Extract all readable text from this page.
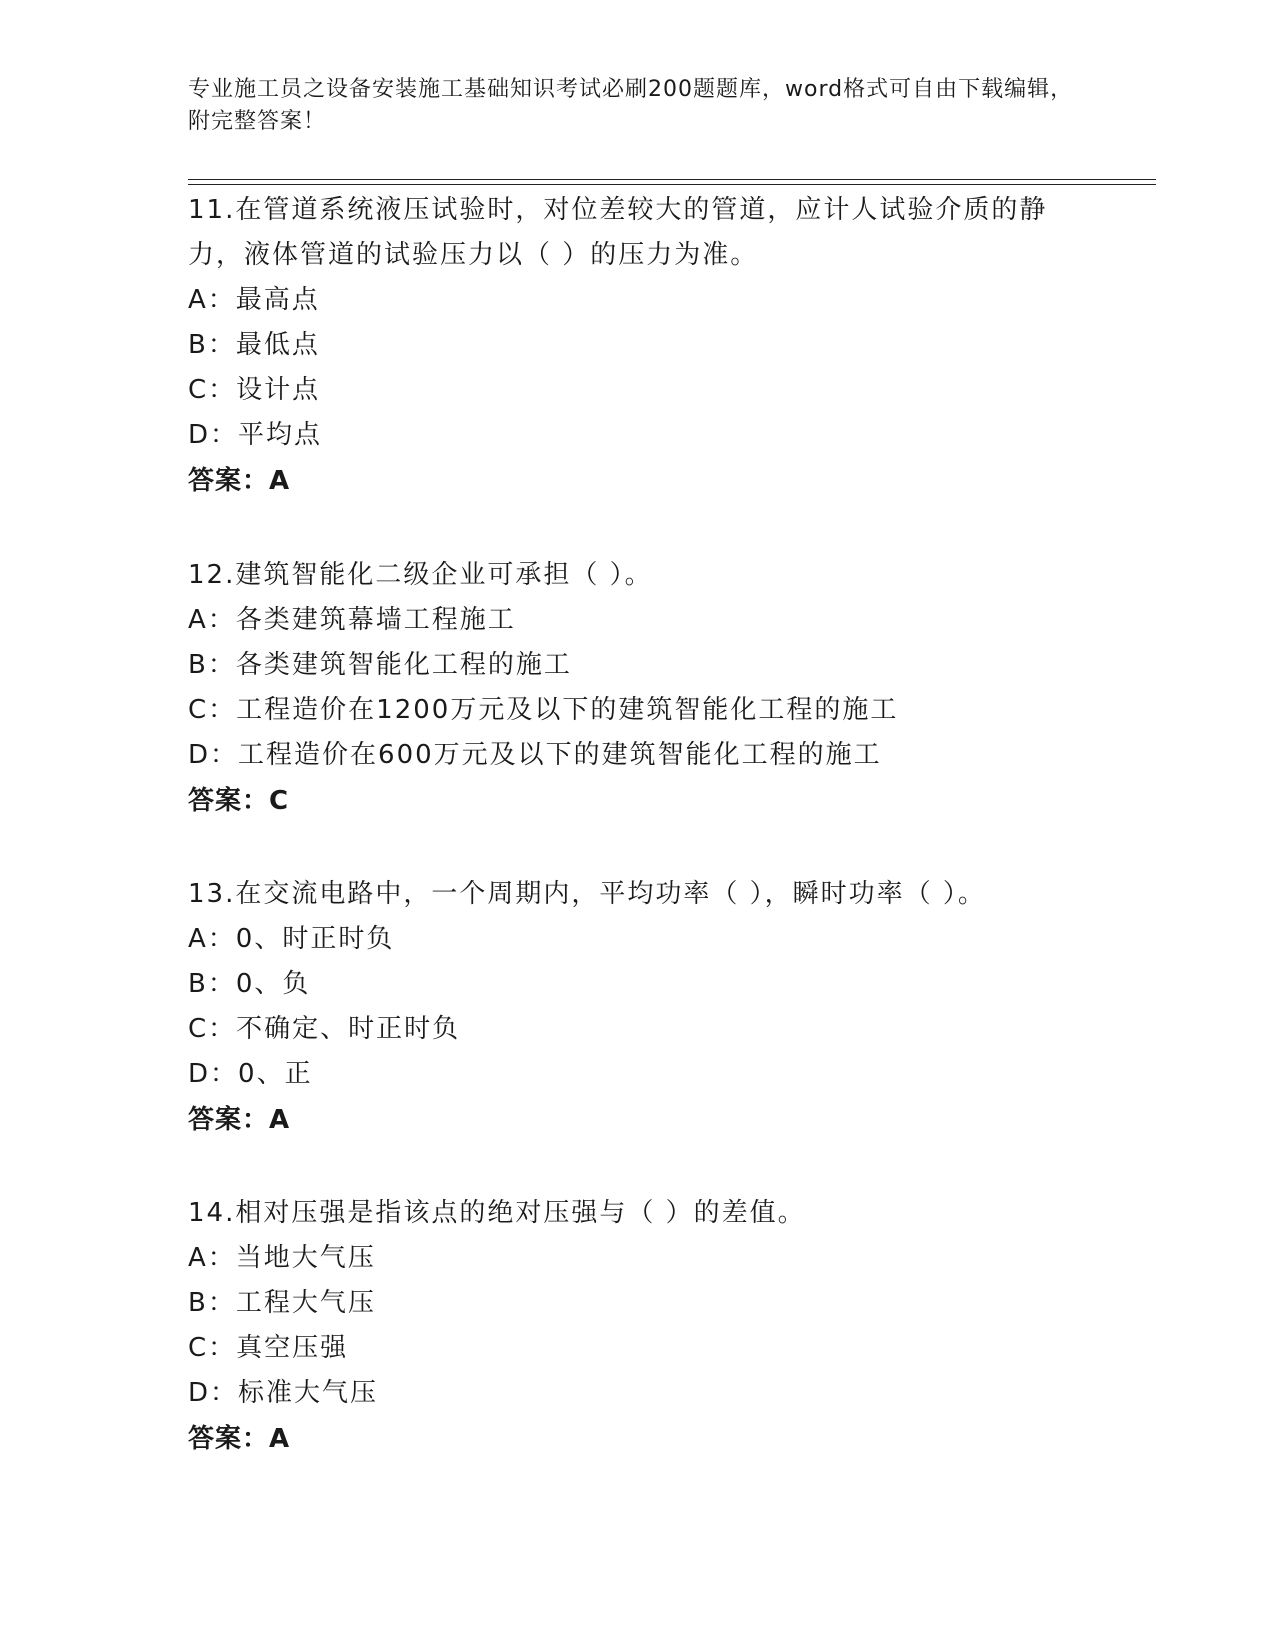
专业施工员之设备安装施工基础知识考试必刷200题题库，word格式可自由下载编辑，附完整答案！

11.在管道系统液压试验时，对位差较大的管道，应计人试验介质的静力，液体管道的试验压力以（ ）的压力为准。

A：最高点

B：最低点

C：设计点

D：平均点

答案：A

12.建筑智能化二级企业可承担（ ）。

A：各类建筑幕墙工程施工

B：各类建筑智能化工程的施工

C：工程造价在1200万元及以下的建筑智能化工程的施工

D：工程造价在600万元及以下的建筑智能化工程的施工

答案：C

13.在交流电路中，一个周期内，平均功率（ ），瞬时功率（ ）。

A：0、时正时负

B：0、负

C：不确定、时正时负

D：0、正

答案：A

14.相对压强是指该点的绝对压强与（ ）的差值。

A：当地大气压

B：工程大气压

C：真空压强

D：标准大气压

答案：A
